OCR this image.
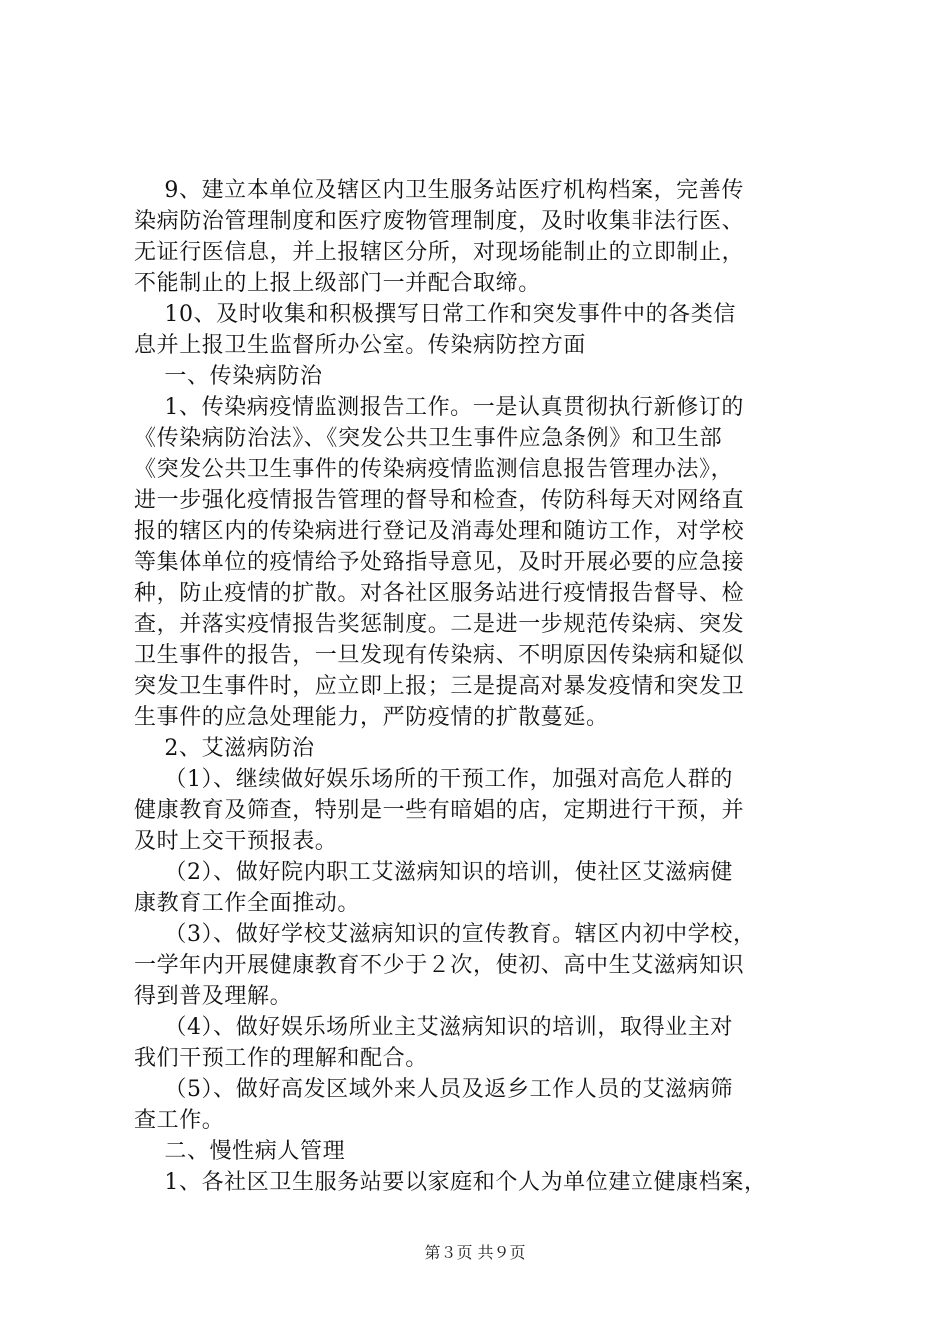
9、建立本单位及辖区内卫生服务站医疗机构档案，完善传
染病防治管理制度和医疗废物管理制度，及时收集非法行医、
无证行医信息，并上报辖区分所，对现场能制止的立即制止，
不能制止的上报上级部门一并配合取缔。
10、及时收集和积极撰写日常工作和突发事件中的各类信
息并上报卫生监督所办公室。传染病防控方面
一、传染病防治
1、传染病疫情监测报告工作。一是认真贯彻执行新修订的
《传染病防治法》、《突发公共卫生事件应急条例》和卫生部
《突发公共卫生事件的传染病疫情监测信息报告管理办法》，
进一步强化疫情报告管理的督导和检查，传防科每天对网络直
报的辖区内的传染病进行登记及消毒处理和随访工作，对学校
等集体单位的疫情给予处臵指导意见，及时开展必要的应急接
种，防止疫情的扩散。对各社区服务站进行疫情报告督导、检
查，并落实疫情报告奖惩制度。二是进一步规范传染病、突发
卫生事件的报告，一旦发现有传染病、不明原因传染病和疑似
突发卫生事件时，应立即上报；三是提高对暴发疫情和突发卫
生事件的应急处理能力，严防疫情的扩散蔓延。
2、艾滋病防治
（1）、继续做好娱乐场所的干预工作，加强对高危人群的
健康教育及筛查，特别是一些有暗娼的店，定期进行干预，并
及时上交干预报表。
（2）、做好院内职工艾滋病知识的培训，使社区艾滋病健
康教育工作全面推动。
（3）、做好学校艾滋病知识的宣传教育。辖区内初中学校，
一学年内开展健康教育不少于２次，使初、高中生艾滋病知识
得到普及理解。
（4）、做好娱乐场所业主艾滋病知识的培训，取得业主对
我们干预工作的理解和配合。
（5）、做好高发区域外来人员及返乡工作人员的艾滋病筛
查工作。
二、慢性病人管理
1、各社区卫生服务站要以家庭和个人为单位建立健康档案，
第３页 共９页
